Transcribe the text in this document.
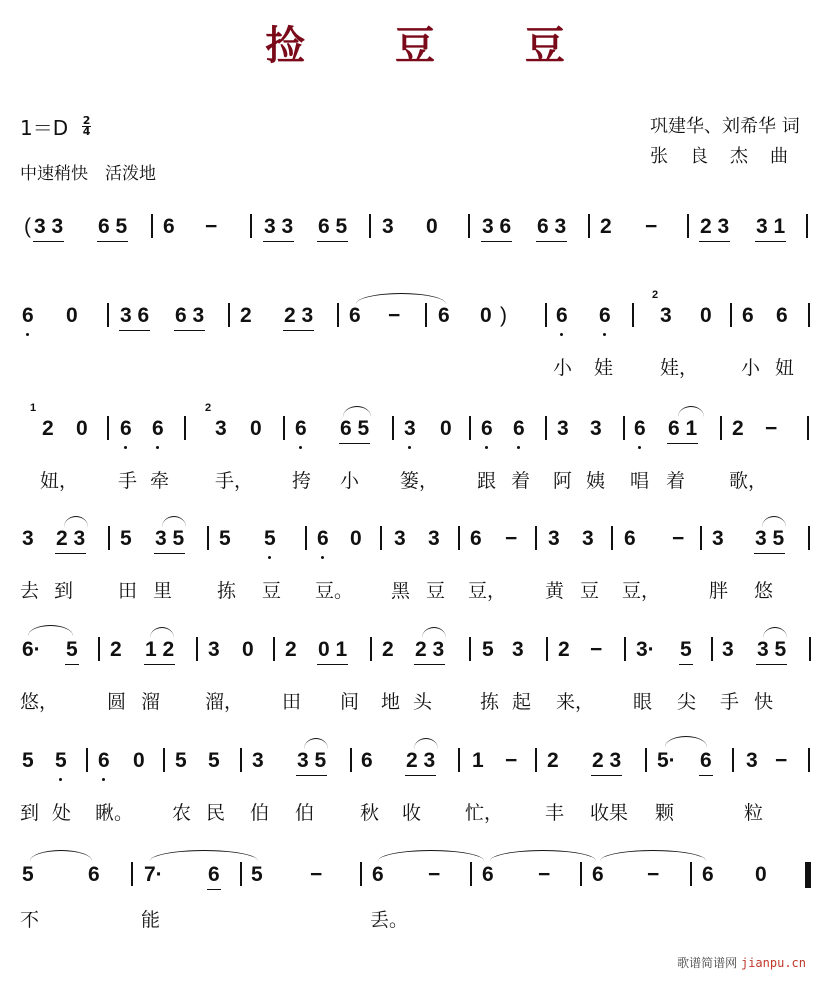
捡 豆 豆
1＝D 2
4
中速稍快　活泼地
巩建华、刘希华 词
张良杰曲
( 3 3 6 5 6 − 3 3 6 5 3 0 3 6 6 3 2 − 2 3 3 1
6 0 3 6 6 3 2 2 3 6 − 6 0 ) 6 6
2
3 0 6 6
小 娃 娃， 小 妞
1
2 0 6 6
2
3 0 6 6 5 3 0 6 6 3 3 6 6 1 2 −
妞， 手 牵 手， 挎 小 篓， 跟 着 阿 姨 唱 着 歌，
3 2 3 5 3 5 5 5 6 0 3 3 6 − 3 3 6 − 3 3 5
去 到 田 里 拣 豆 豆。 黑 豆 豆， 黄 豆 豆，	胖 悠
6· 5 2 1 2 3 0 2 0 1 2 2 3 5 3 2 − 3· 5 3 3 5
悠，	圆 溜 溜， 田 间 地 头	拣 起 来， 眼 尖 手 快
5 5 6 0 5 5 3 3 5 6 2 3 1 − 2 2 3 5· 6 3 −
到 处 瞅。 农 民 伯 伯 秋 收 忙， 丰 收果 颗	粒
5	6 7· 6 5 − 6 − 6 − 6 − 6 0
不	能	丢。
歌谱简谱网 jianpu.cn
